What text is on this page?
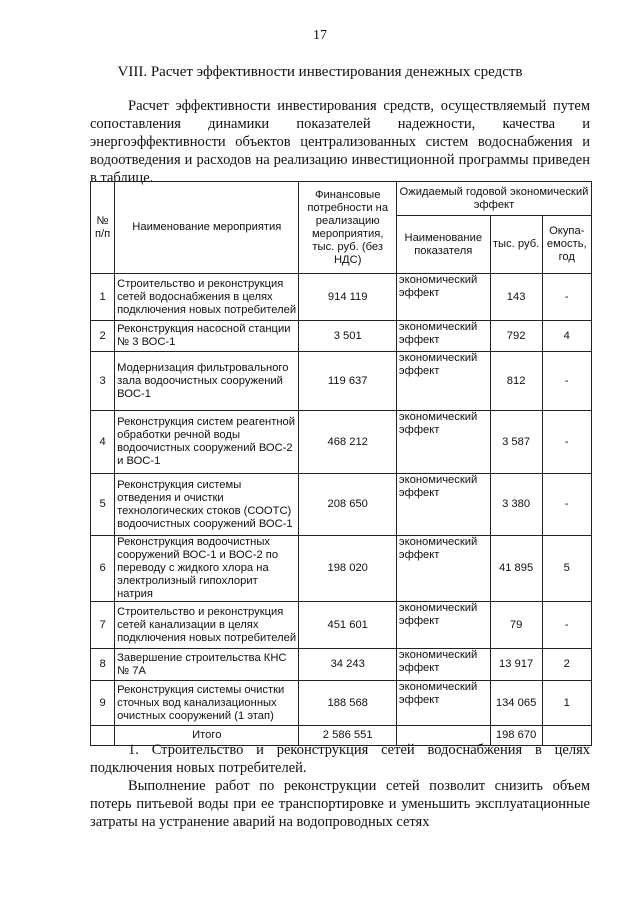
17
VIII. Расчет эффективности инвестирования денежных средств

Расчет эффективности инвестирования средств, осуществляемый путем сопоставления динамики показателей надежности, качества и энергоэффективности объектов централизованных систем водоснабжения и водоотведения и расходов на реализацию инвестиционной программы приведен в таблице.

№ п/п	Наименование мероприятия	Финансовые потребности на реализацию мероприятия, тыс. руб. (без НДС)	Ожидаемый годовой экономический эффект		
			Наименование показателя	тыс. руб.	Окупа- емость, год
1	Строительство и реконструкция сетей водоснабжения в целях подключения новых потребителей	914 119	экономический эффект	143	-
2	Реконструкция насосной станции № 3 ВОС-1	3 501	экономический эффект	792	4
3	Модернизация фильтровального зала водоочистных сооружений ВОС-1	119 637	экономический эффект	812	-
4	Реконструкция систем реагентной обработки речной воды водоочистных сооружений ВОС-2 и ВОС-1	468 212	экономический эффект	3 587	-
5	Реконструкция системы отведения и очистки технологических стоков (СООТС) водоочистных сооружений ВОС-1	208 650	экономический эффект	3 380	-
6	Реконструкция водоочистных сооружений ВОС-1 и ВОС-2 по переводу с жидкого хлора на электролизный гипохлорит натрия	198 020	экономический эффект	41 895	5
7	Строительство и реконструкция сетей канализации в целях подключения новых потребителей	451 601	экономический эффект	79	-
8	Завершение строительства КНС № 7А	34 243	экономический эффект	13 917	2
9	Реконструкция системы очистки сточных вод канализационных очистных сооружений (1 этап)	188 568	экономический эффект	134 065	1
	Итого	2 586 551		198 670	

1. Строительство и реконструкция сетей водоснабжения в целях подключения новых потребителей.

Выполнение работ по реконструкции сетей позволит снизить объем потерь питьевой воды при ее транспортировке и уменьшить эксплуатационные затраты на устранение аварий на водопроводных сетях
